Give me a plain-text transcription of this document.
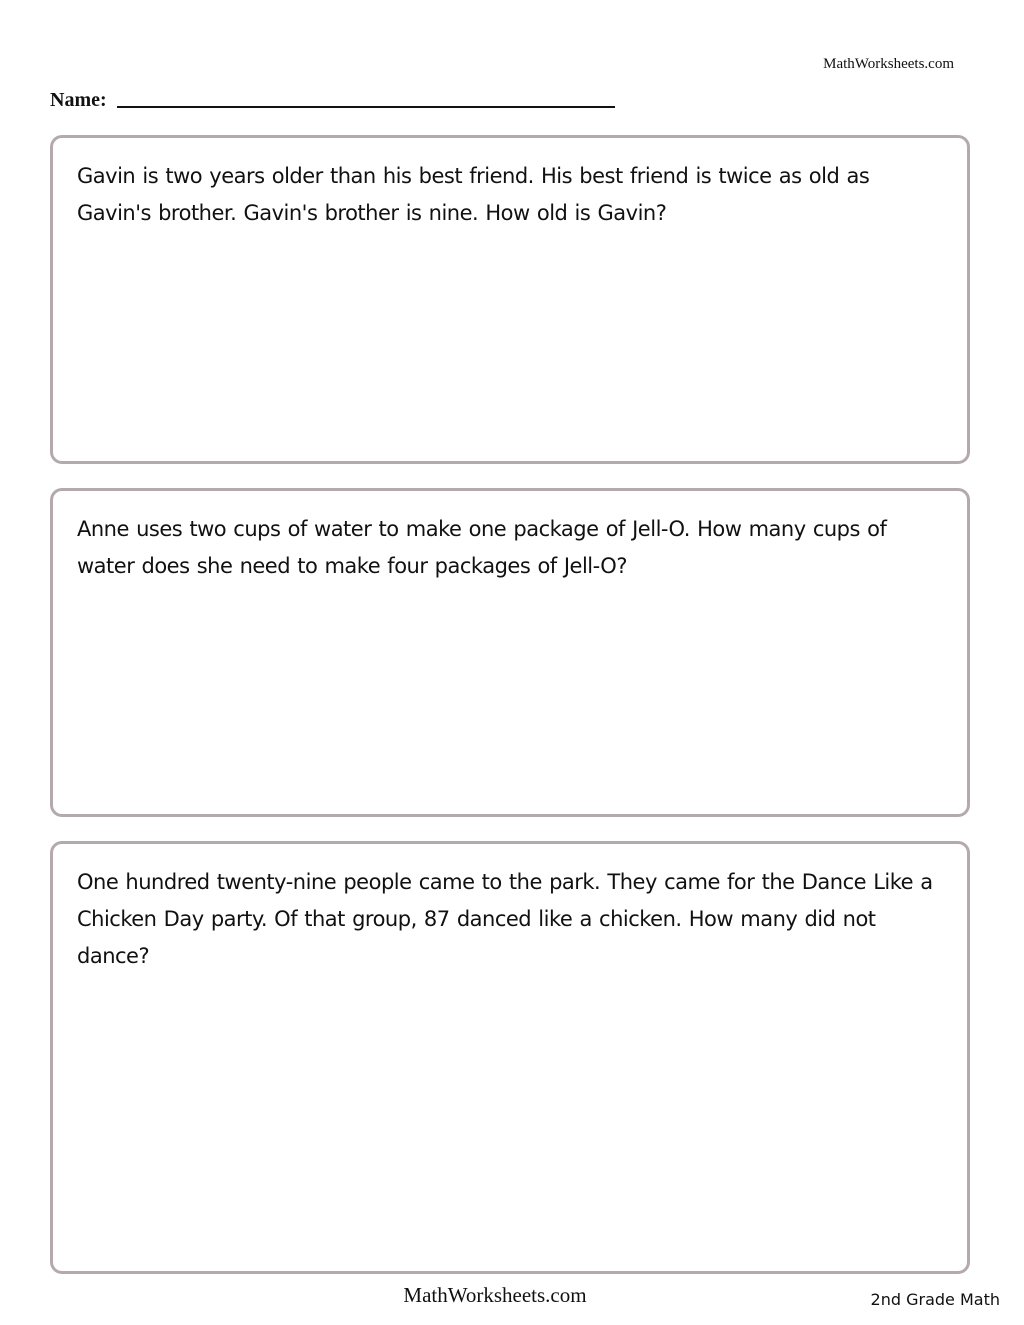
MathWorksheets.com
Name:

Gavin is two years older than his best friend. His best friend is twice as old as Gavin's brother. Gavin's brother is nine. How old is Gavin?

Anne uses two cups of water to make one package of Jell-O. How many cups of water does she need to make four packages of Jell-O?

One hundred twenty-nine people came to the park. They came for the Dance Like a Chicken Day party. Of that group, 87 danced like a chicken. How many did not dance?

MathWorksheets.com	2nd Grade Math
